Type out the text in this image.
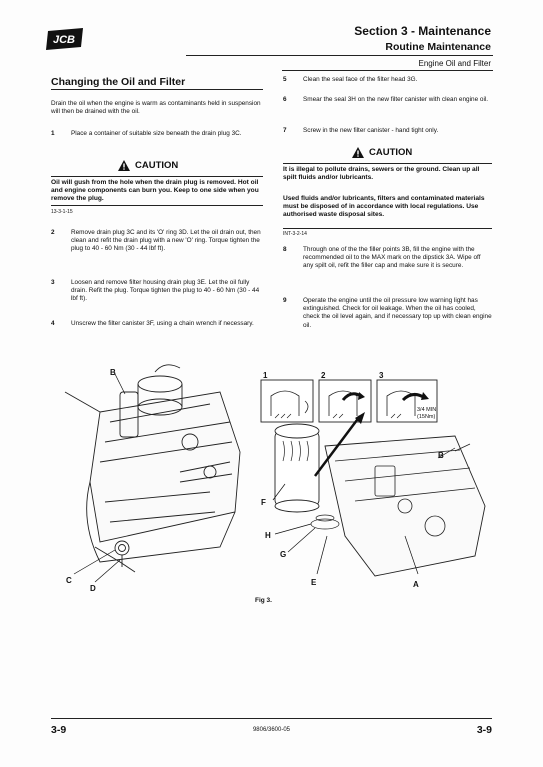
JCB
Section 3 - Maintenance
Routine Maintenance
Engine Oil and Filter
Changing the Oil and Filter
Drain the oil when the engine is warm as contaminants held in suspension will then be drained with the oil.
1	Place a container of suitable size beneath the drain plug 3C.
CAUTION
Oil will gush from the hole when the drain plug is removed. Hot oil and engine components can burn you. Keep to one side when you remove the plug.
13-3-1-15
2	Remove drain plug 3C and its 'O' ring 3D. Let the oil drain out, then clean and refit the drain plug with a new 'O' ring. Torque tighten the plug to 40 - 60 Nm (30 - 44 lbf ft).
3	Loosen and remove filter housing drain plug 3E. Let the oil fully drain. Refit the plug. Torque tighten the plug to 40 - 60 Nm (30 - 44 lbf ft).
4	Unscrew the filter canister 3F, using a chain wrench if necessary.
5	Clean the seal face of the filter head 3G.
6	Smear the seal 3H on the new filter canister with clean engine oil.
7	Screw in the new filter canister - hand tight only.
CAUTION
It is illegal to pollute drains, sewers or the ground. Clean up all spilt fluids and/or lubricants.
Used fluids and/or lubricants, filters and contaminated materials must be disposed of in accordance with local regulations. Use authorised waste disposal sites.
INT-3-2-14
8	Through one of the the filler points 3B, fill the engine with the recommended oil to the MAX mark on the dipstick 3A. Wipe off any spilt oil, refit the filler cap and make sure it is secure.
9	Operate the engine until the oil pressure low warning light has extinguished. Check for oil leakage. When the oil has cooled, check the oil level again, and if necessary top up with clean engine oil.
B
C
D
1	2	3
3/4 MIN
(15Nm)
B
F
H
G
E	A
Fig 3.
3-9	9806/3600-05	3-9
